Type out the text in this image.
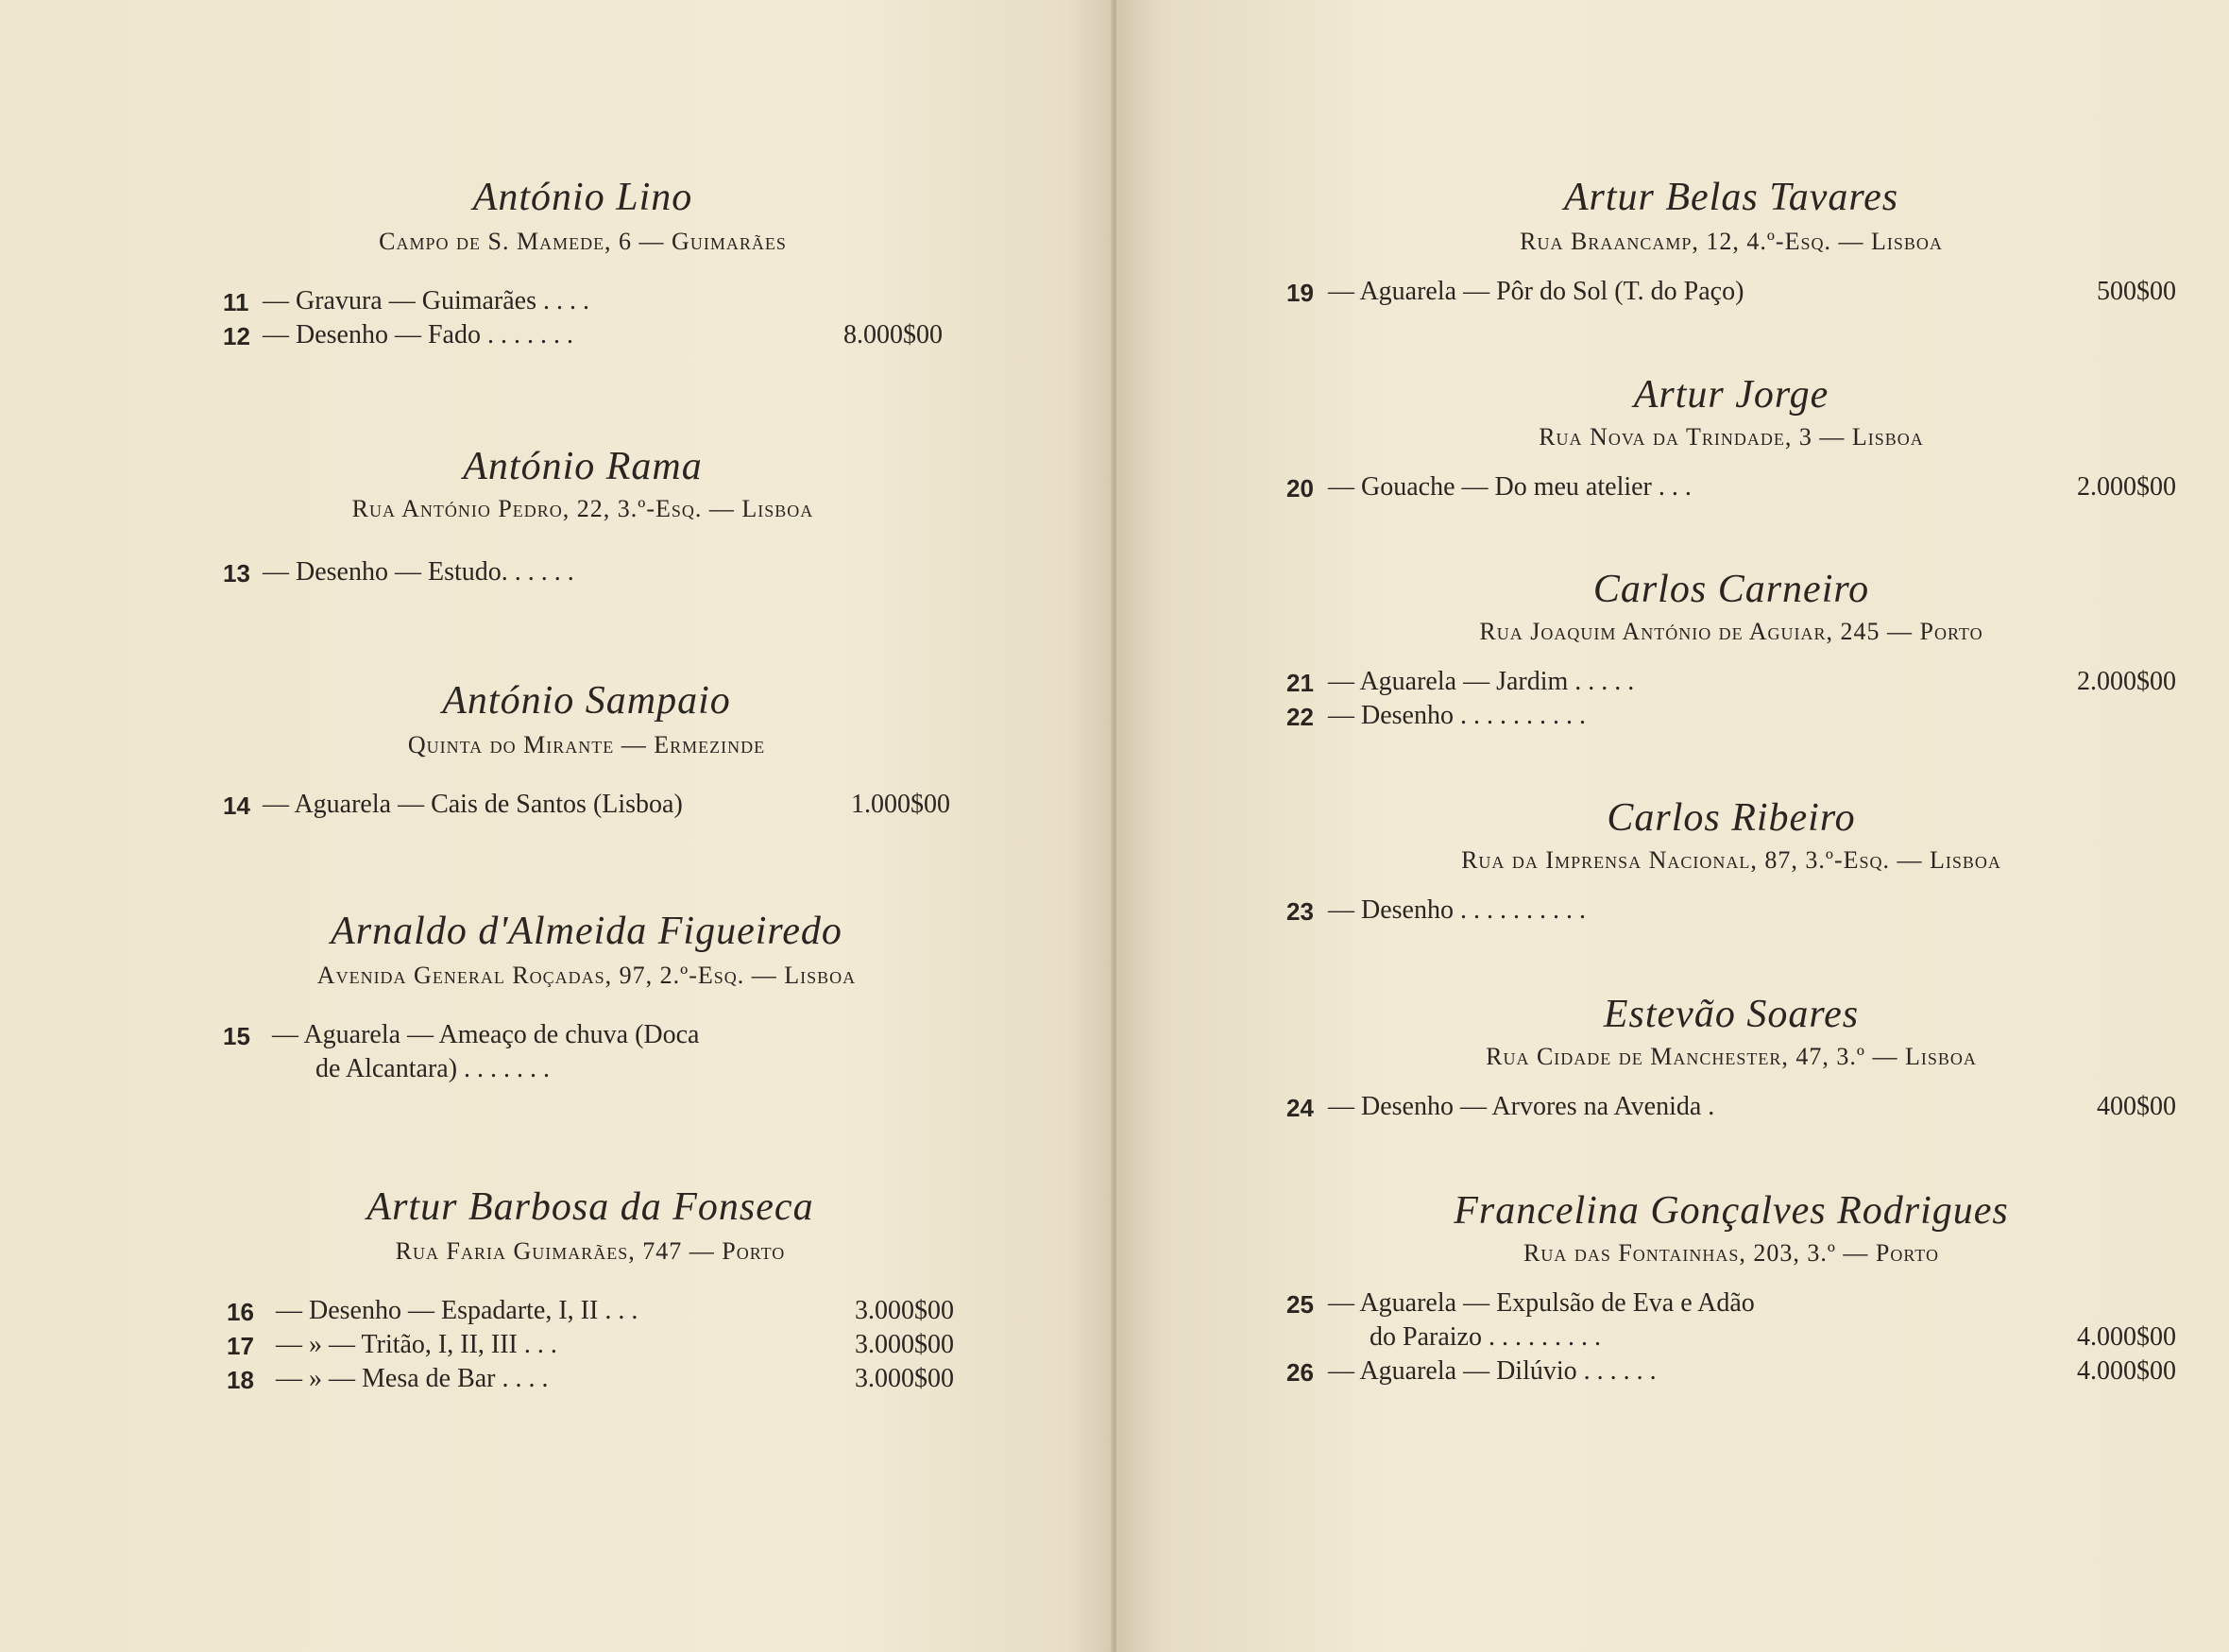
António Lino
Campo de S. Mamede, 6 — Guimarães
11 — Gravura — Guimarães . . . .
12 — Desenho — Fado . . . . . . .	8.000$00
António Rama
Rua António Pedro, 22, 3.º-Esq. — Lisboa
13 — Desenho — Estudo. . . . . .
António Sampaio
Quinta do Mirante — Ermezinde
14 — Aguarela — Cais de Santos (Lisboa)	1.000$00
Arnaldo d'Almeida Figueiredo
Avenida General Roçadas, 97, 2.º-Esq. — Lisboa
15 — Aguarela — Ameaço de chuva (Doca
de Alcantara) . . . . . . .
Artur Barbosa da Fonseca
Rua Faria Guimarães, 747 — Porto
16 — Desenho — Espadarte, I, II . . .	3.000$00
17 — » — Tritão, I, II, III . . .	3.000$00
18 — » — Mesa de Bar . . . .	3.000$00
Artur Belas Tavares
Rua Braancamp, 12, 4.º-Esq. — Lisboa
19 — Aguarela — Pôr do Sol (T. do Paço)	500$00
Artur Jorge
Rua Nova da Trindade, 3 — Lisboa
20 — Gouache — Do meu atelier . . .	2.000$00
Carlos Carneiro
Rua Joaquim António de Aguiar, 245 — Porto
21 — Aguarela — Jardim . . . . .	2.000$00
22 — Desenho . . . . . . . . . .
Carlos Ribeiro
Rua da Imprensa Nacional, 87, 3.º-Esq. — Lisboa
23 — Desenho . . . . . . . . . .
Estevão Soares
Rua Cidade de Manchester, 47, 3.º — Lisboa
24 — Desenho — Arvores na Avenida .	400$00
Francelina Gonçalves Rodrigues
Rua das Fontainhas, 203, 3.º — Porto
25 — Aguarela — Expulsão de Eva e Adão
do Paraizo . . . . . . . . .	4.000$00
26 — Aguarela — Dilúvio . . . . . .	4.000$00
